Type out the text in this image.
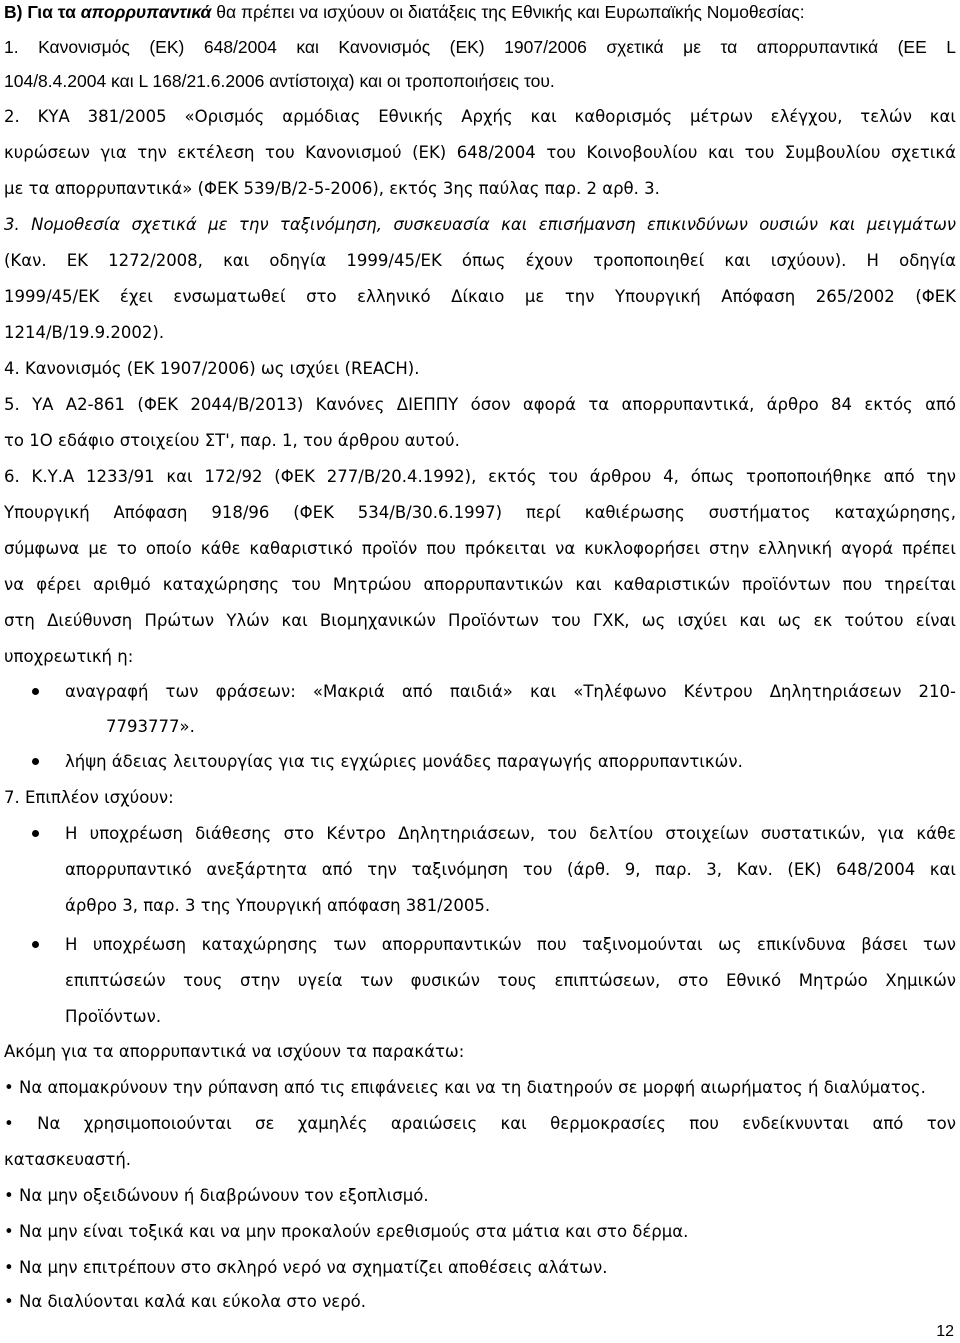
Β) Για τα απορρυπαντικά θα πρέπει να ισχύουν οι διατάξεις της Εθνικής και Ευρωπαϊκής Νομοθεσίας:
1. Κανονισμός (ΕΚ) 648/2004 και Κανονισμός (ΕΚ) 1907/2006 σχετικά με τα απορρυπαντικά (ΕΕ L
104/8.4.2004 και L 168/21.6.2006 αντίστοιχα) και οι τροποποιήσεις του.
2. ΚΥΑ 381/2005 «Ορισμός αρμόδιας Εθνικής Αρχής και καθορισμός μέτρων ελέγχου, τελών και
κυρώσεων για την εκτέλεση του Κανονισμού (ΕΚ) 648/2004 του Κοινοβουλίου και του Συμβουλίου σχετικά
με τα απορρυπαντικά» (ΦΕΚ 539/Β/2-5-2006), εκτός 3ης παύλας παρ. 2 αρθ. 3.
3. Νομοθεσία σχετικά με την ταξινόμηση, συσκευασία και επισήμανση επικινδύνων ουσιών και μειγμάτων
(Καν. ΕΚ 1272/2008, και οδηγία 1999/45/ΕΚ όπως έχουν τροποποιηθεί και ισχύουν). Η οδηγία
1999/45/ΕΚ έχει ενσωματωθεί στο ελληνικό Δίκαιο με την Υπουργική Απόφαση 265/2002 (ΦΕΚ
1214/Β/19.9.2002).
4. Κανονισμός (ΕΚ 1907/2006) ως ισχύει (REACH).
5. ΥΑ Α2-861 (ΦΕΚ 2044/Β/2013) Κανόνες ΔΙΕΠΠΥ όσον αφορά τα απορρυπαντικά, άρθρο 84 εκτός από
το 1Ο εδάφιο στοιχείου ΣΤ', παρ. 1, του άρθρου αυτού.
6. Κ.Υ.Α 1233/91 και 172/92 (ΦΕΚ 277/Β/20.4.1992), εκτός του άρθρου 4, όπως τροποποιήθηκε από την
Υπουργική Απόφαση 918/96 (ΦΕΚ 534/Β/30.6.1997) περί καθιέρωσης συστήματος καταχώρησης,
σύμφωνα με το οποίο κάθε καθαριστικό προϊόν που πρόκειται να κυκλοφορήσει στην ελληνική αγορά πρέπει
να φέρει αριθμό καταχώρησης του Μητρώου απορρυπαντικών και καθαριστικών προϊόντων που τηρείται
στη Διεύθυνση Πρώτων Υλών και Βιομηχανικών Προϊόντων του ΓΧΚ, ως ισχύει και ως εκ τούτου είναι
υποχρεωτική η:
αναγραφή των φράσεων: «Μακριά από παιδιά» και «Τηλέφωνο Κέντρου Δηλητηριάσεων 210-
7793777».
λήψη άδειας λειτουργίας για τις εγχώριες μονάδες παραγωγής απορρυπαντικών.
7. Επιπλέον ισχύουν:
Η υποχρέωση διάθεσης στο Κέντρο Δηλητηριάσεων, του δελτίου στοιχείων συστατικών, για κάθε
απορρυπαντικό ανεξάρτητα από την ταξινόμηση του (άρθ. 9, παρ. 3, Καν. (ΕΚ) 648/2004 και
άρθρο 3, παρ. 3 της Υπουργική απόφαση 381/2005.
Η υποχρέωση καταχώρησης των απορρυπαντικών που ταξινομούνται ως επικίνδυνα βάσει των
επιπτώσεών τους στην υγεία των φυσικών τους επιπτώσεων, στο Εθνικό Μητρώο Χημικών
Προϊόντων.
Ακόμη για τα απορρυπαντικά να ισχύουν τα παρακάτω:
• Να απομακρύνουν την ρύπανση από τις επιφάνειες και να τη διατηρούν σε μορφή αιωρήματος ή διαλύματος.
• Να χρησιμοποιούνται σε χαμηλές αραιώσεις και θερμοκρασίες που ενδείκνυνται από τον
κατασκευαστή.
• Να μην οξειδώνουν ή διαβρώνουν τον εξοπλισμό.
• Να μην είναι τοξικά και να μην προκαλούν ερεθισμούς στα μάτια και στο δέρμα.
• Να μην επιτρέπουν στο σκληρό νερό να σχηματίζει αποθέσεις αλάτων.
• Να διαλύονται καλά και εύκολα στο νερό.
12
